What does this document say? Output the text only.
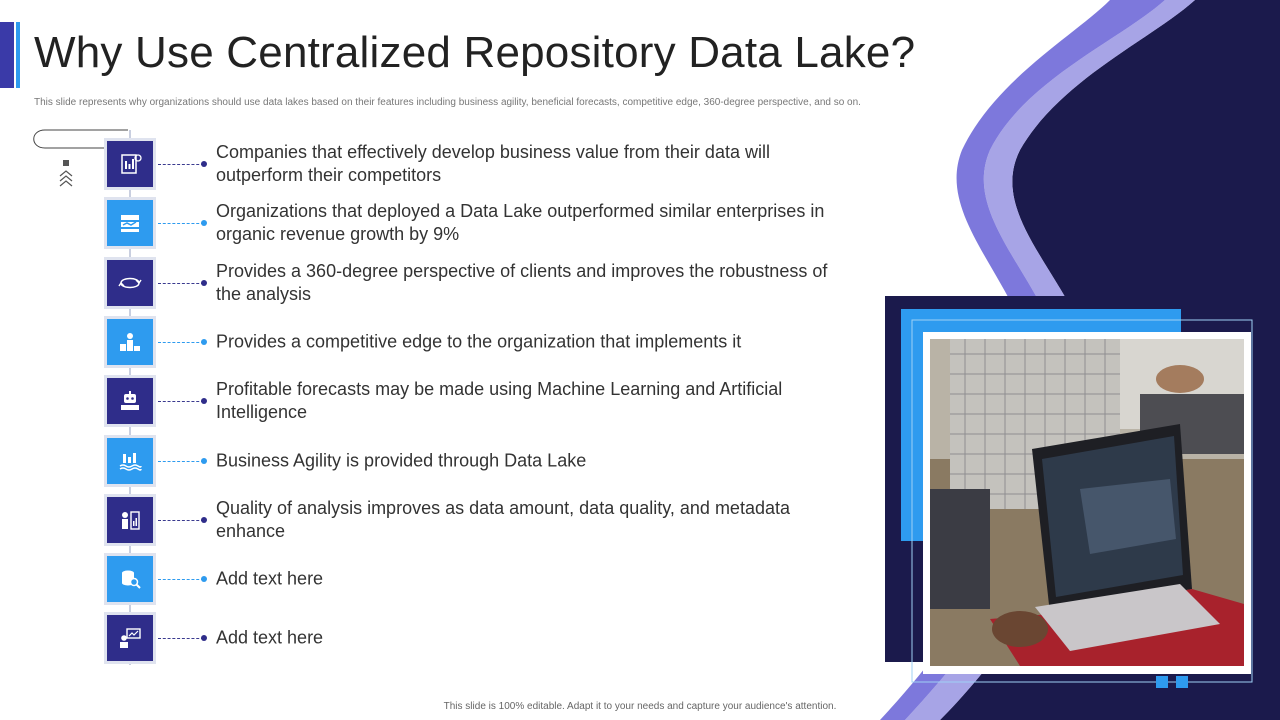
Why Use Centralized Repository Data Lake?
This slide represents why organizations should use data lakes based on their features including business agility, beneficial forecasts, competitive edge, 360-degree perspective, and so on.
Companies that effectively develop business value from their data will outperform their competitors
Organizations that deployed a Data Lake outperformed similar enterprises in organic revenue growth by 9%
Provides a 360-degree perspective of clients and improves the robustness of the analysis
Provides a competitive edge to the organization that implements it
Profitable forecasts may be made using Machine Learning and Artificial Intelligence
Business Agility is provided through Data Lake
Quality of analysis improves as data amount, data quality, and metadata enhance
Add text here
Add text here
This slide is 100% editable. Adapt it to your needs and capture your audience's attention.
